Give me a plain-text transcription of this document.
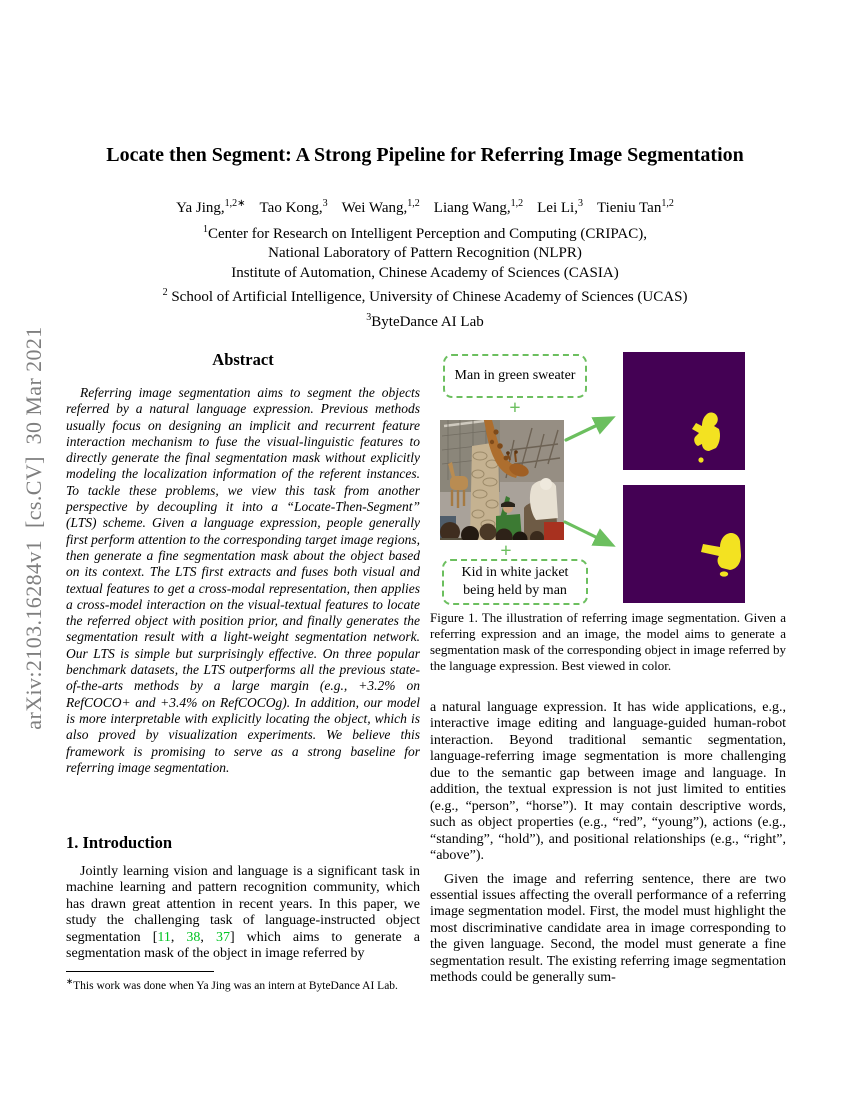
arXiv:2103.16284v1  [cs.CV]  30 Mar 2021
Locate then Segment: A Strong Pipeline for Referring Image Segmentation
Ya Jing,$^{1,2∗}$ Tao Kong,$^3$ Wei Wang,$^{1,2}$ Liang Wang,$^{1,2}$ Lei Li,$^3$ Tieniu Tan$^{1,2}$
$^1$Center for Research on Intelligent Perception and Computing (CRIPAC),
National Laboratory of Pattern Recognition (NLPR)
Institute of Automation, Chinese Academy of Sciences (CASIA)
$^2$ School of Artificial Intelligence, University of Chinese Academy of Sciences (UCAS)
$^3$ByteDance AI Lab
Abstract

Referring image segmentation aims to segment the objects referred by a natural language expression. Previous methods usually focus on designing an implicit and recurrent feature interaction mechanism to fuse the visual-linguistic features to directly generate the final segmentation mask without explicitly modeling the localization information of the referent instances. To tackle these problems, we view this task from another perspective by decoupling it into a “Locate-Then-Segment” (LTS) scheme. Given a language expression, people generally first perform attention to the corresponding target image regions, then generate a fine segmentation mask about the object based on its context. The LTS first extracts and fuses both visual and textual features to get a cross-modal representation, then applies a cross-model interaction on the visual-textual features to locate the referred object with position prior, and finally generates the segmentation result with a light-weight segmentation network. Our LTS is simple but surprisingly effective. On three popular benchmark datasets, the LTS outperforms all the previous state-of-the-arts methods by a large margin (e.g., +3.2% on RefCOCO+ and +3.4% on RefCOCOg). In addition, our model is more interpretable with explicitly locating the object, which is also proved by visualization experiments. We believe this framework is promising to serve as a strong baseline for referring image segmentation.

1. Introduction

Jointly learning vision and language is a significant task in machine learning and pattern recognition community, which has drawn great attention in recent years. In this paper, we study the challenging task of language-instructed object segmentation [11, 38, 37] which aims to generate a segmentation mask of the object in image referred by

∗This work was done when Ya Jing was an intern at ByteDance AI Lab.

Man in green sweater
+
+
Kid in white jacket being held by man

Figure 1. The illustration of referring image segmentation. Given a referring expression and an image, the model aims to generate a segmentation mask of the corresponding object in image referred by the language expression. Best viewed in color.

a natural language expression. It has wide applications, e.g., interactive image editing and language-guided human-robot interaction. Beyond traditional semantic segmentation, language-referring image segmentation is more challenging due to the semantic gap between image and language. In addition, the textual expression is not just limited to entities (e.g., “person”, “horse”). It may contain descriptive words, such as object properties (e.g., “red”, “young”), actions (e.g., “standing”, “hold”), and positional relationships (e.g., “right”, “above”).

Given the image and referring sentence, there are two essential issues affecting the overall performance of a referring image segmentation model. First, the model must highlight the most discriminative candidate area in image corresponding to the given language. Second, the model must generate a fine segmentation result. The existing referring image segmentation methods could be generally sum-
